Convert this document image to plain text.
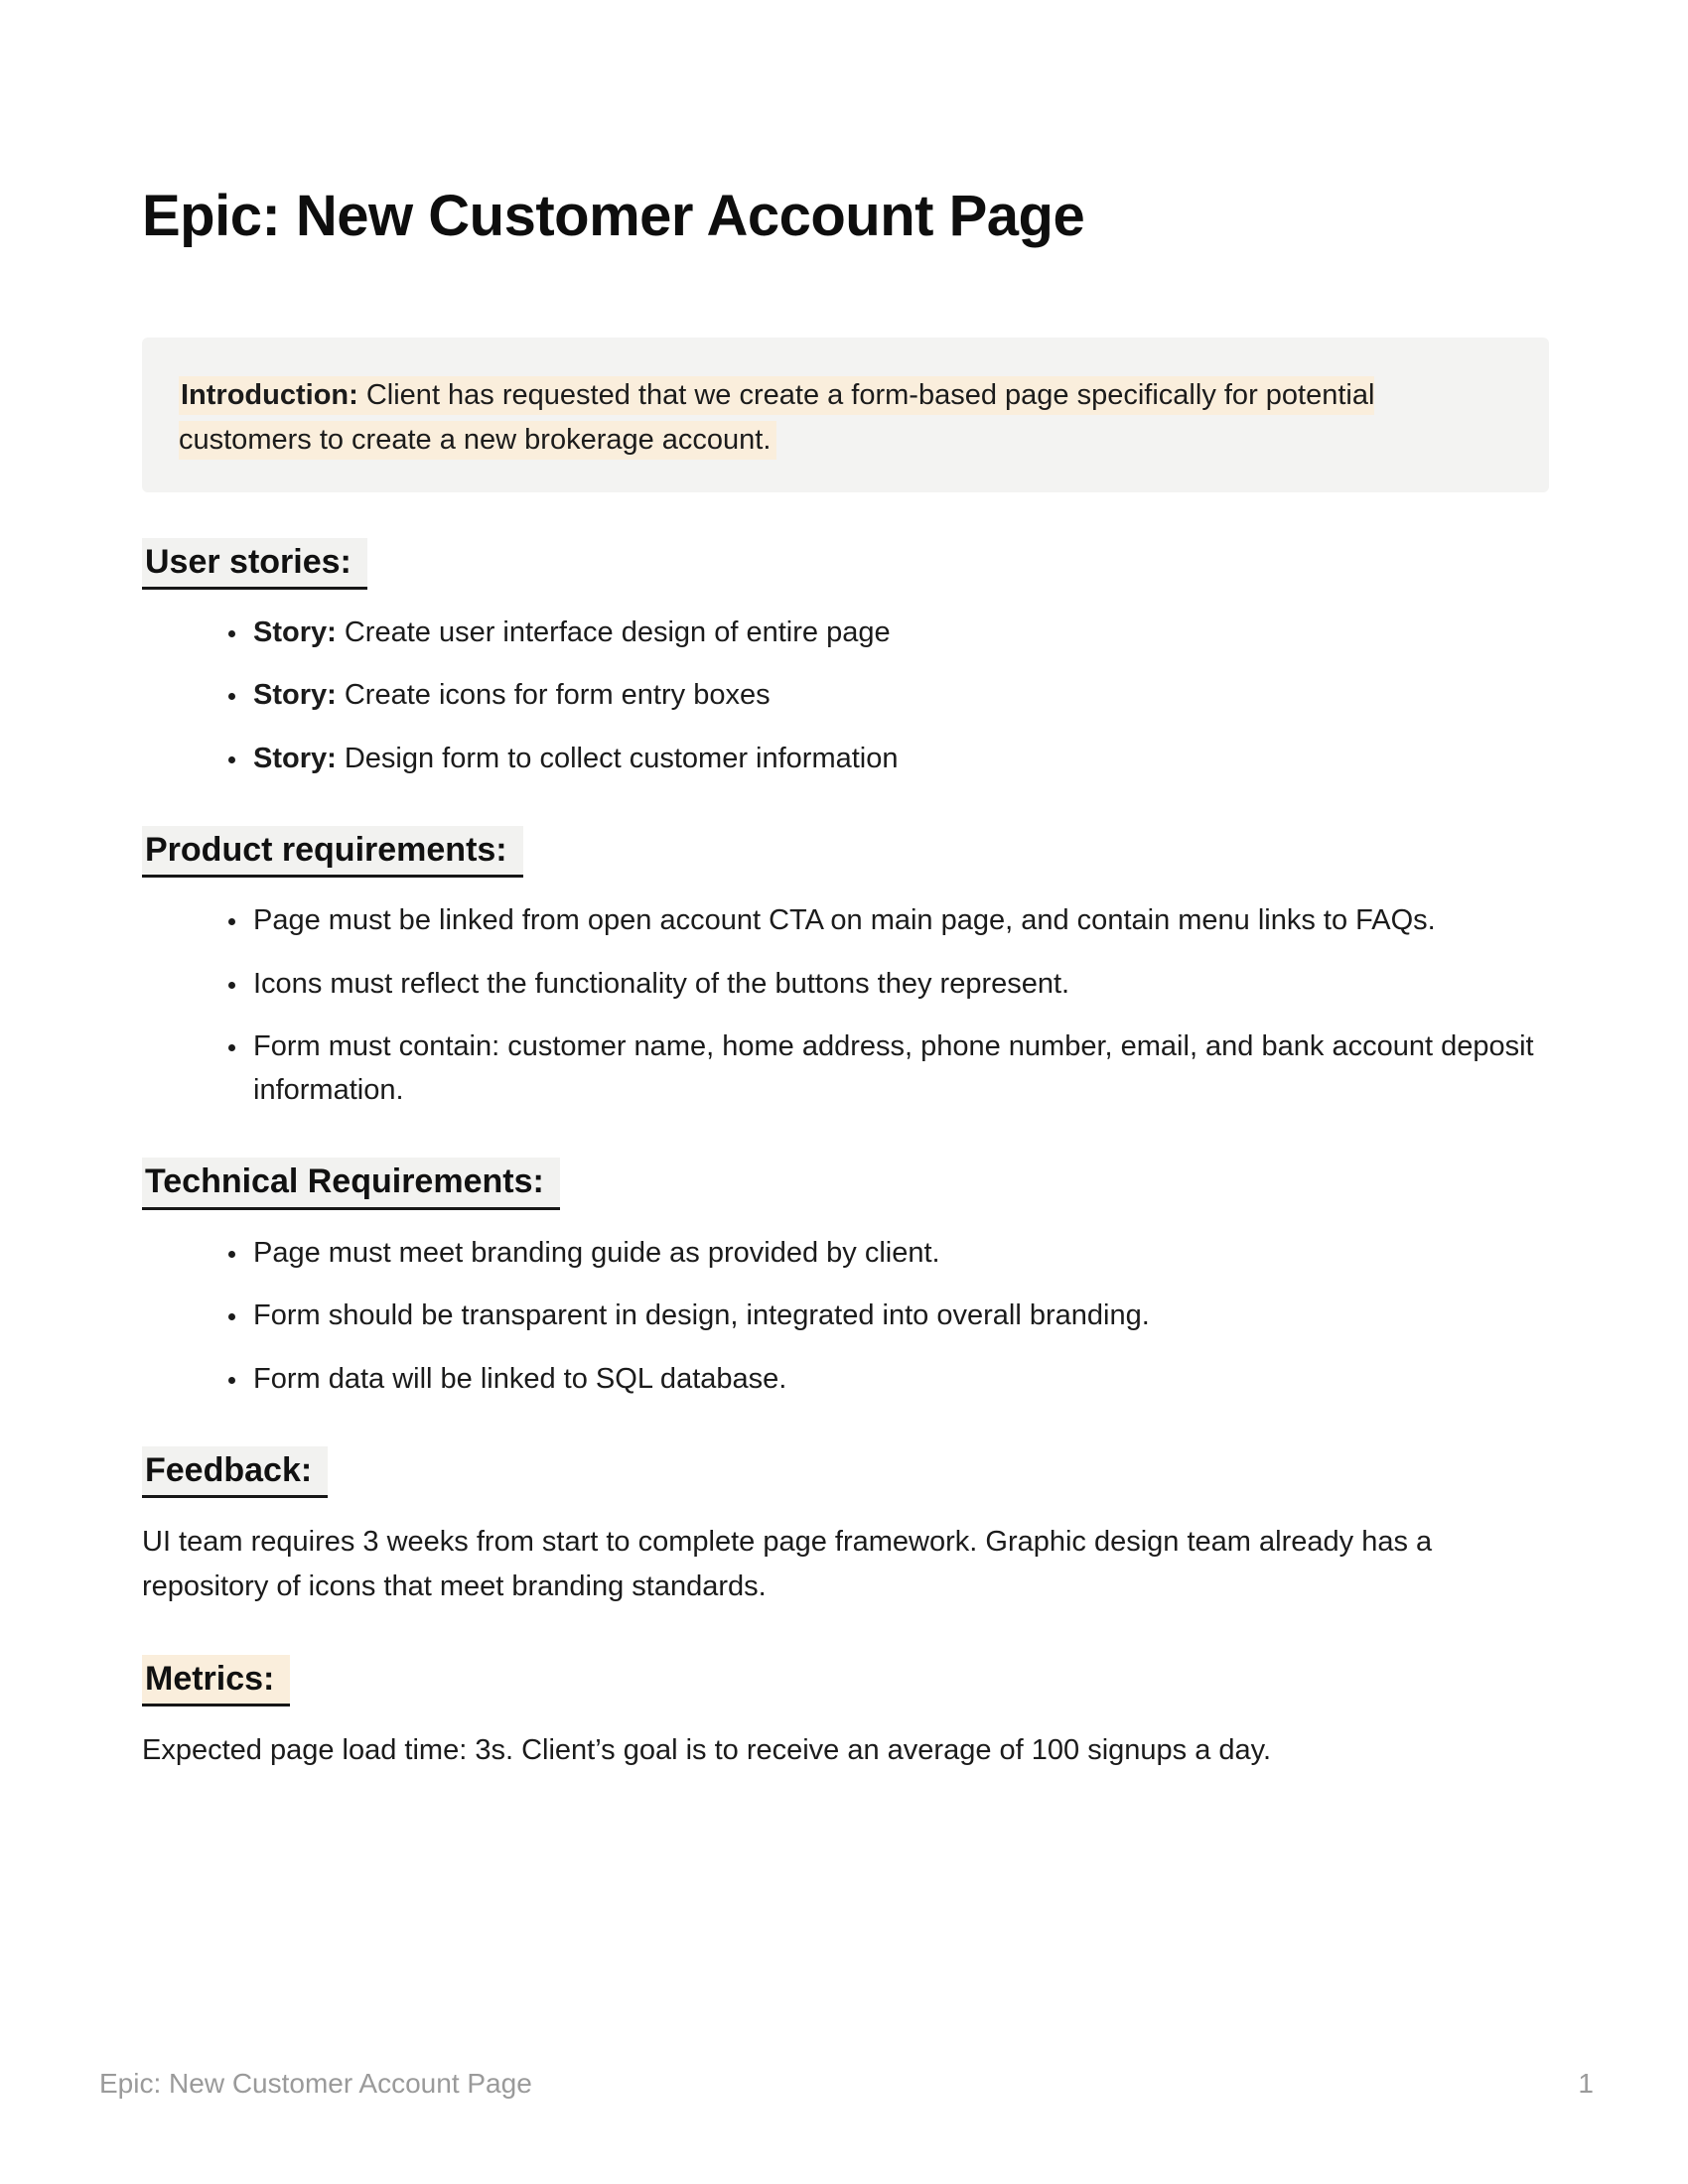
Epic: New Customer Account Page

Introduction: Client has requested that we create a form-based page specifically for potential customers to create a new brokerage account.

User stories:
• Story: Create user interface design of entire page
• Story: Create icons for form entry boxes
• Story: Design form to collect customer information
Product requirements:
• Page must be linked from open account CTA on main page, and contain menu links to FAQs.
• Icons must reflect the functionality of the buttons they represent.
• Form must contain: customer name, home address, phone number, email, and bank account deposit information.
Technical Requirements:
• Page must meet branding guide as provided by client.
• Form should be transparent in design, integrated into overall branding.
• Form data will be linked to SQL database.
Feedback:

UI team requires 3 weeks from start to complete page framework. Graphic design team already has a repository of icons that meet branding standards.

Metrics:

Expected page load time: 3s. Client’s goal is to receive an average of 100 signups a day.

Epic: New Customer Account Page	1
